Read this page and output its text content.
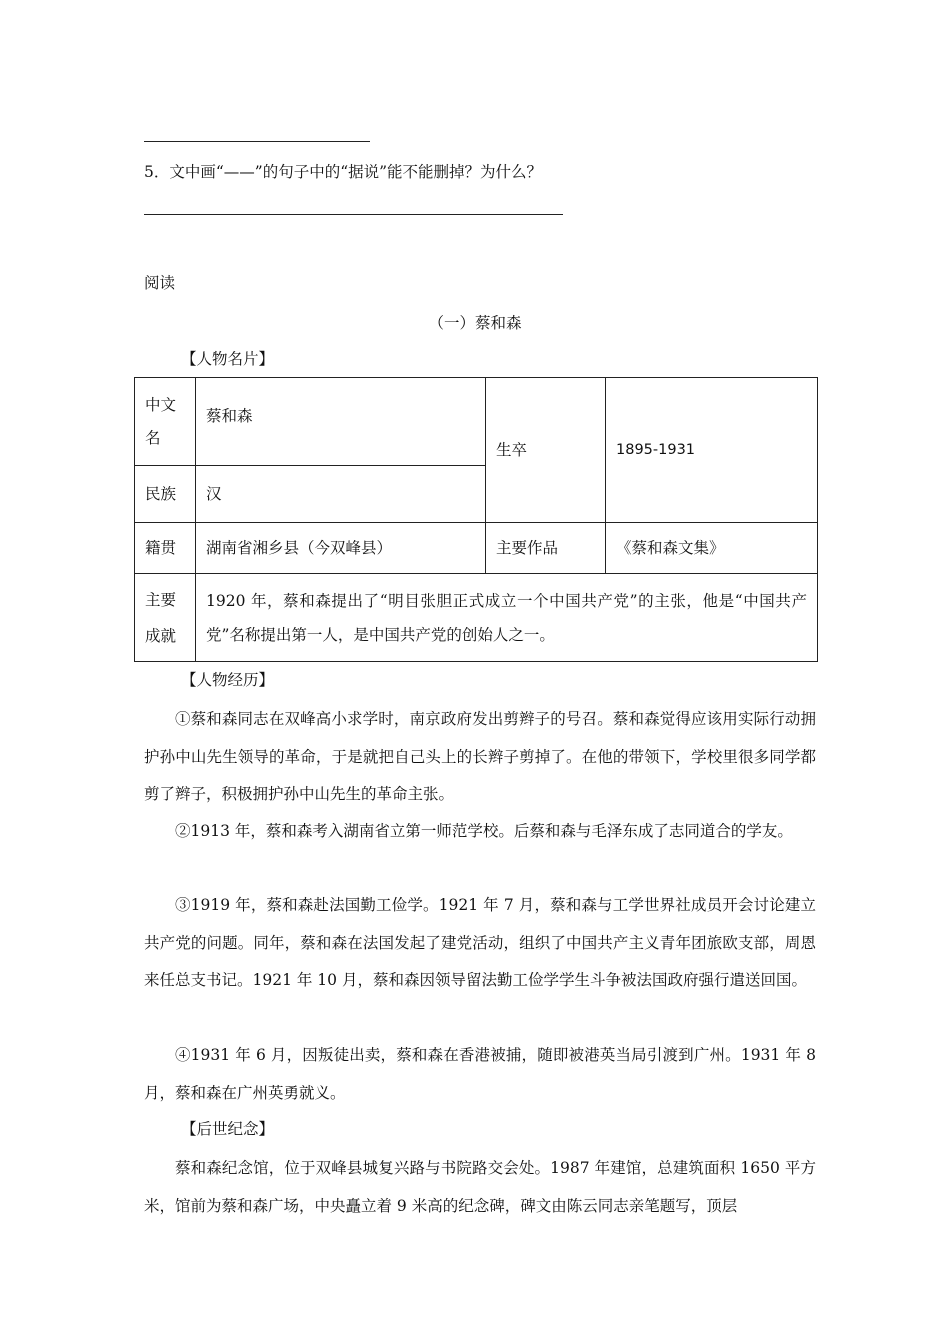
5．文中画“——”的句子中的“据说”能不能删掉？为什么？
阅读
（一）蔡和森
【人物名片】
中文名	蔡和森	生卒	1895-1931
民族	汉		
籍贯	湖南省湘乡县（今双峰县）	主要作品	《蔡和森文集》

主要成就	1920 年，蔡和森提出了“明目张胆正式成立一个中国共产党”的主张，他是“中国共产党”名称提出第一人，是中国共产党的创始人之一。		
【人物经历】
①蔡和森同志在双峰高小求学时，南京政府发出剪辫子的号召。蔡和森觉得应该用实际行动拥护孙中山先生领导的革命，于是就把自己头上的长辫子剪掉了。在他的带领下，学校里很多同学都剪了辫子，积极拥护孙中山先生的革命主张。
②1913 年，蔡和森考入湖南省立第一师范学校。后蔡和森与毛泽东成了志同道合的学友。
③1919 年，蔡和森赴法国勤工俭学。1921 年 7 月，蔡和森与工学世界社成员开会讨论建立共产党的问题。同年，蔡和森在法国发起了建党活动，组织了中国共产主义青年团旅欧支部，周恩来任总支书记。1921 年 10 月，蔡和森因领导留法勤工俭学学生斗争被法国政府强行遣送回国。
④1931 年 6 月，因叛徒出卖，蔡和森在香港被捕，随即被港英当局引渡到广州。1931 年 8 月，蔡和森在广州英勇就义。
【后世纪念】
蔡和森纪念馆，位于双峰县城复兴路与书院路交会处。1987 年建馆，总建筑面积 1650 平方米，馆前为蔡和森广场，中央矗立着 9 米高的纪念碑，碑文由陈云同志亲笔题写，顶层
